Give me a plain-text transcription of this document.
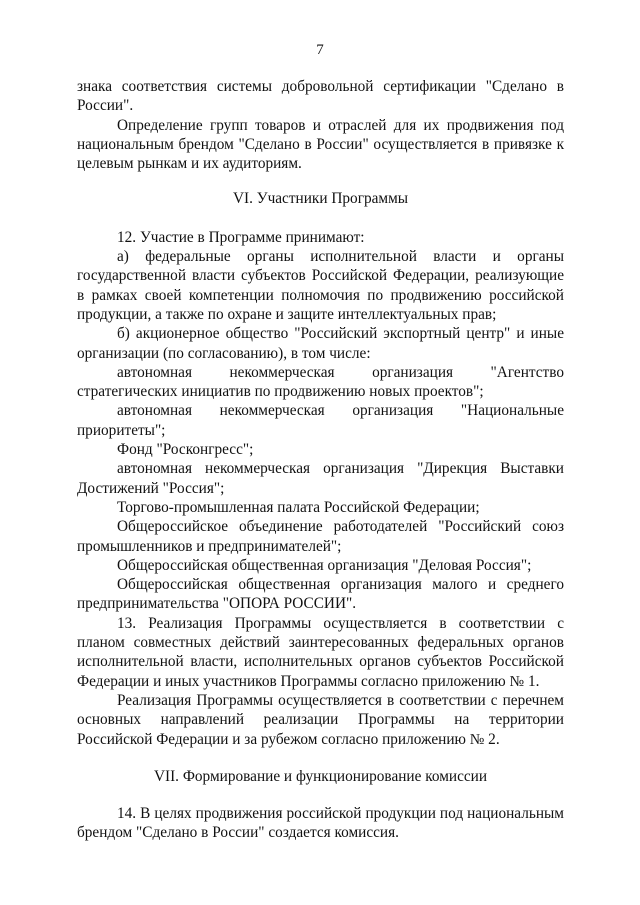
7

знака соответствия системы добровольной сертификации "Сделано в России".

Определение групп товаров и отраслей для их продвижения под национальным брендом "Сделано в России" осуществляется в привязке к целевым рынкам и их аудиториям.

VI. Участники Программы

12. Участие в Программе принимают:

а) федеральные органы исполнительной власти и органы государственной власти субъектов Российской Федерации, реализующие в рамках своей компетенции полномочия по продвижению российской продукции, а также по охране и защите интеллектуальных прав;

б) акционерное общество "Российский экспортный центр" и иные организации (по согласованию), в том числе:

автономная некоммерческая организация "Агентство стратегических инициатив по продвижению новых проектов";

автономная некоммерческая организация "Национальные приоритеты";

Фонд "Росконгресс";

автономная некоммерческая организация "Дирекция Выставки Достижений "Россия";

Торгово-промышленная палата Российской Федерации;

Общероссийское объединение работодателей "Российский союз промышленников и предпринимателей";

Общероссийская общественная организация "Деловая Россия";

Общероссийская общественная организация малого и среднего предпринимательства "ОПОРА РОССИИ".

13. Реализация Программы осуществляется в соответствии с планом совместных действий заинтересованных федеральных органов исполнительной власти, исполнительных органов субъектов Российской Федерации и иных участников Программы согласно приложению № 1.

Реализация Программы осуществляется в соответствии с перечнем основных направлений реализации Программы на территории Российской Федерации и за рубежом согласно приложению № 2.

VII. Формирование и функционирование комиссии

14. В целях продвижения российской продукции под национальным брендом "Сделано в России" создается комиссия.
